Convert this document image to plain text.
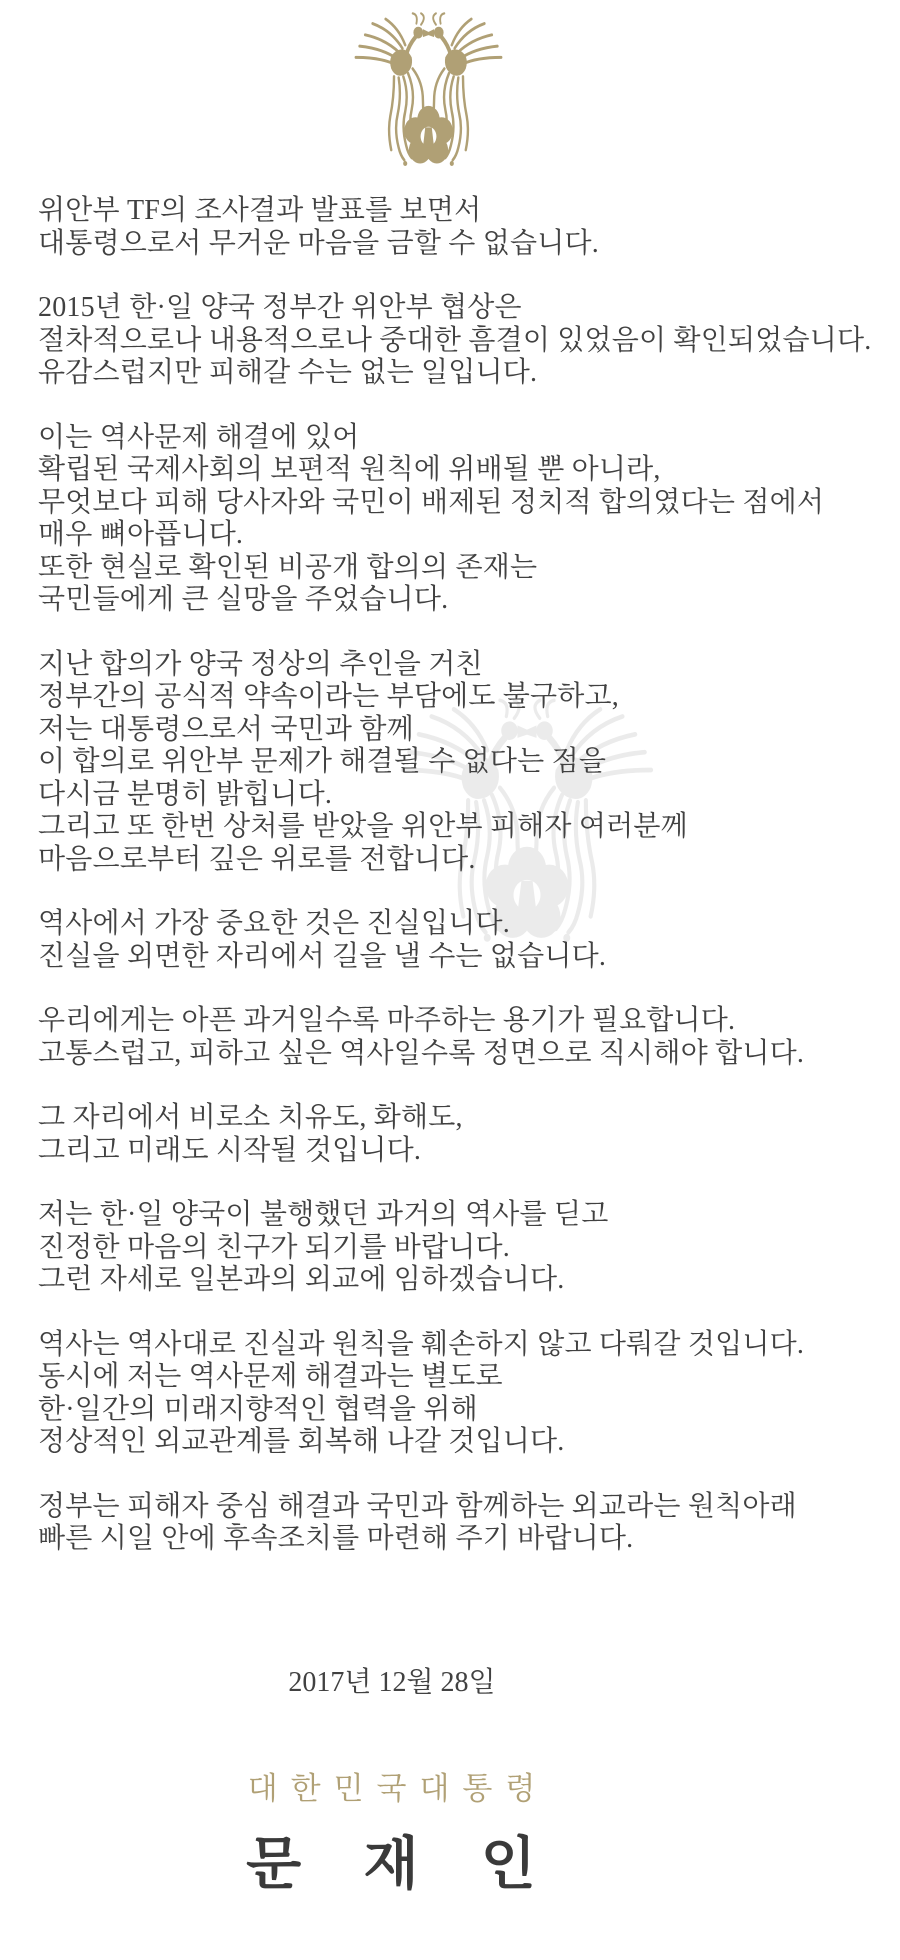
위안부 TF의 조사결과 발표를 보면서
대통령으로서 무거운 마음을 금할 수 없습니다.

2015년 한·일 양국 정부간 위안부 협상은
절차적으로나 내용적으로나 중대한 흠결이 있었음이 확인되었습니다.
유감스럽지만 피해갈 수는 없는 일입니다.

이는 역사문제 해결에 있어
확립된 국제사회의 보편적 원칙에 위배될 뿐 아니라,
무엇보다 피해 당사자와 국민이 배제된 정치적 합의였다는 점에서
매우 뼈아픕니다.
또한 현실로 확인된 비공개 합의의 존재는
국민들에게 큰 실망을 주었습니다.

지난 합의가 양국 정상의 추인을 거친
정부간의 공식적 약속이라는 부담에도 불구하고,
저는 대통령으로서 국민과 함께
이 합의로 위안부 문제가 해결될 수 없다는 점을
다시금 분명히 밝힙니다.
그리고 또 한번 상처를 받았을 위안부 피해자 여러분께
마음으로부터 깊은 위로를 전합니다.

역사에서 가장 중요한 것은 진실입니다.
진실을 외면한 자리에서 길을 낼 수는 없습니다.

우리에게는 아픈 과거일수록 마주하는 용기가 필요합니다.
고통스럽고, 피하고 싶은 역사일수록 정면으로 직시해야 합니다.

그 자리에서 비로소 치유도, 화해도,
그리고 미래도 시작될 것입니다.

저는 한·일 양국이 불행했던 과거의 역사를 딛고
진정한 마음의 친구가 되기를 바랍니다.
그런 자세로 일본과의 외교에 임하겠습니다.

역사는 역사대로 진실과 원칙을 훼손하지 않고 다뤄갈 것입니다.
동시에 저는 역사문제 해결과는 별도로
한·일간의 미래지향적인 협력을 위해
정상적인 외교관계를 회복해 나갈 것입니다.

정부는 피해자 중심 해결과 국민과 함께하는 외교라는 원칙아래
빠른 시일 안에 후속조치를 마련해 주기 바랍니다.

2017년 12월 28일
대한민국대통령
문 재 인
